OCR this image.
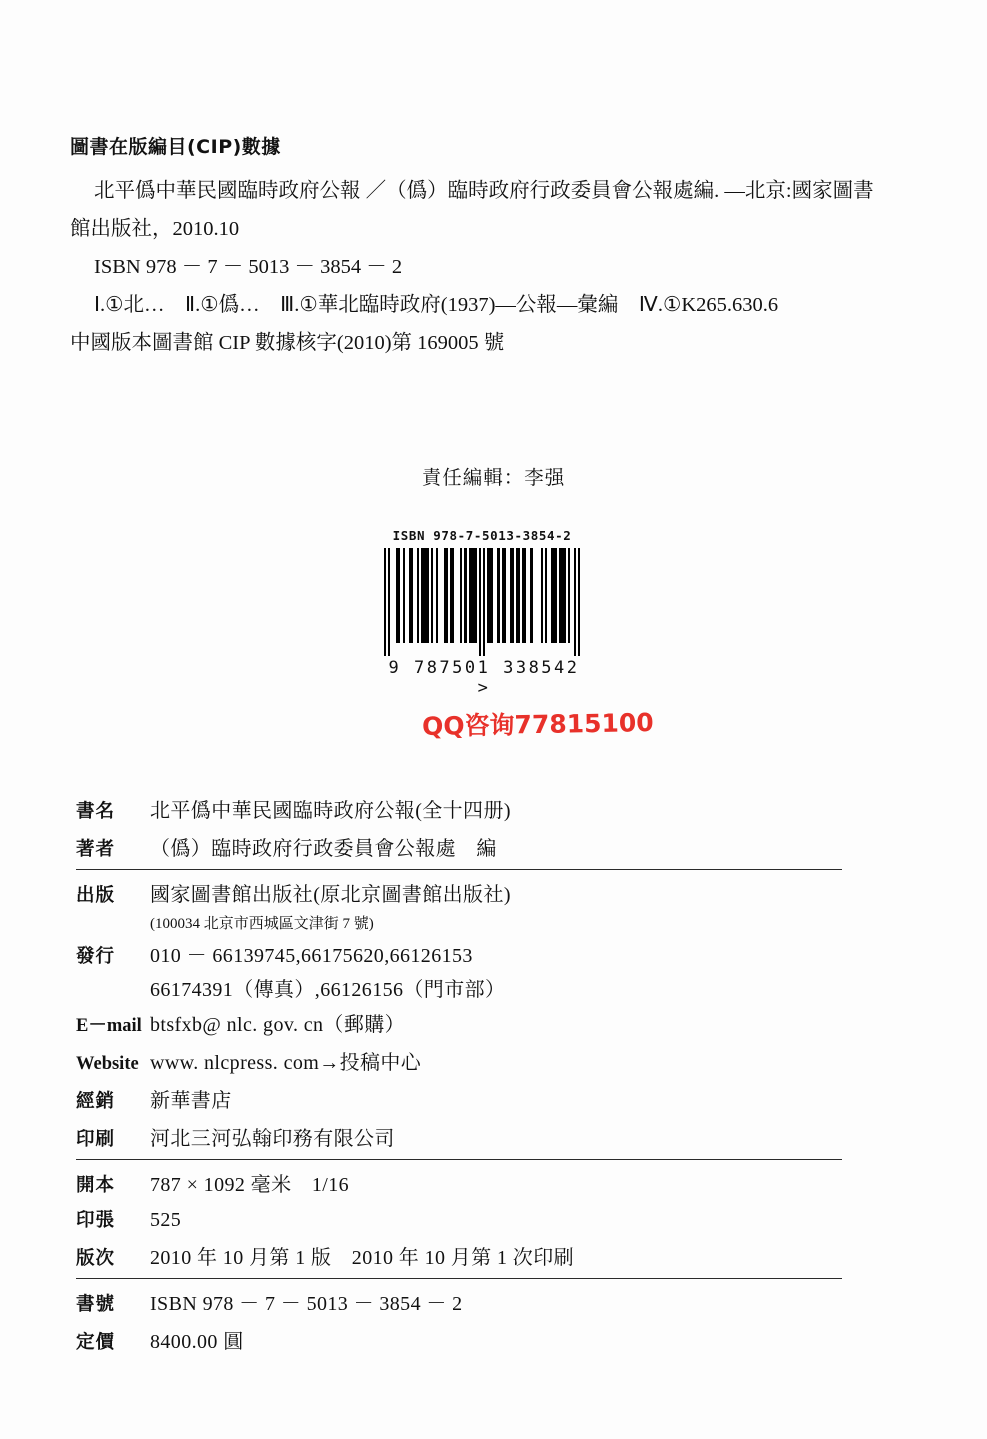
圖書在版編目(CIP)數據
北平僞中華民國臨時政府公報 ／（僞）臨時政府行政委員會公報處編. —北京:國家圖書
館出版社，2010.10
ISBN 978 － 7 － 5013 － 3854 － 2
Ⅰ.①北…　Ⅱ.①僞…　Ⅲ.①華北臨時政府(1937)—公報—彙編　Ⅳ.①K265.630.6
中國版本圖書館 CIP 數據核字(2010)第 169005 號
責任編輯：李强
ISBN 978-7-5013-3854-2
9 787501 338542 >
QQ咨询77815100
書名	北平僞中華民國臨時政府公報(全十四册)
著者	（僞）臨時政府行政委員會公報處　編
出版	國家圖書館出版社(原北京圖書館出版社)
(100034 北京市西城區文津街 7 號)
發行	010 － 66139745,66175620,66126153
66174391（傳真）,66126156（門市部）
E－mail btsfxb@ nlc. gov. cn（郵購）
Website www. nlcpress. com→投稿中心
經銷	新華書店
印刷	河北三河弘翰印務有限公司
開本	787 × 1092 毫米　1/16
印張	525
版次	2010 年 10 月第 1 版　2010 年 10 月第 1 次印刷
書號	ISBN 978 － 7 － 5013 － 3854 － 2
定價	8400.00 圓
